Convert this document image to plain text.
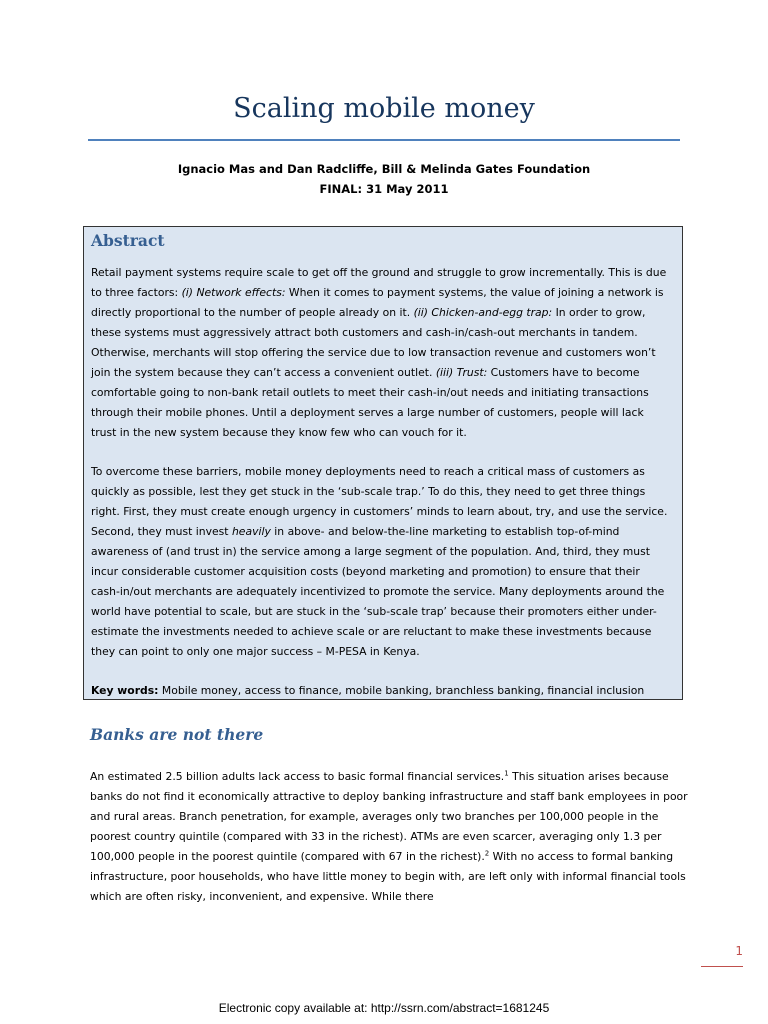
Scaling mobile money
Ignacio Mas and Dan Radcliffe, Bill & Melinda Gates Foundation
FINAL: 31 May 2011
Abstract

Retail payment systems require scale to get off the ground and struggle to grow incrementally. This is due to three factors: (i) Network effects: When it comes to payment systems, the value of joining a network is directly proportional to the number of people already on it. (ii) Chicken-and-egg trap: In order to grow, these systems must aggressively attract both customers and cash-in/cash-out merchants in tandem. Otherwise, merchants will stop offering the service due to low transaction revenue and customers won’t join the system because they can’t access a convenient outlet. (iii) Trust: Customers have to become comfortable going to non-bank retail outlets to meet their cash-in/out needs and initiating transactions through their mobile phones. Until a deployment serves a large number of customers, people will lack trust in the new system because they know few who can vouch for it.

To overcome these barriers, mobile money deployments need to reach a critical mass of customers as quickly as possible, lest they get stuck in the ‘sub-scale trap.’ To do this, they need to get three things right. First, they must create enough urgency in customers’ minds to learn about, try, and use the service. Second, they must invest heavily in above- and below-the-line marketing to establish top-of-mind awareness of (and trust in) the service among a large segment of the population. And, third, they must incur considerable customer acquisition costs (beyond marketing and promotion) to ensure that their cash-in/out merchants are adequately incentivized to promote the service. Many deployments around the world have potential to scale, but are stuck in the ‘sub-scale trap’ because their promoters either under-estimate the investments needed to achieve scale or are reluctant to make these investments because they can point to only one major success – M-PESA in Kenya.

Key words: Mobile money, access to finance, mobile banking, branchless banking, financial inclusion

Banks are not there

An estimated 2.5 billion adults lack access to basic formal financial services.$^1$ This situation arises because banks do not find it economically attractive to deploy banking infrastructure and staff bank employees in poor and rural areas. Branch penetration, for example, averages only two branches per 100,000 people in the poorest country quintile (compared with 33 in the richest). ATMs are even scarcer, averaging only 1.3 per 100,000 people in the poorest quintile (compared with 67 in the richest).$^2$ With no access to formal banking infrastructure, poor households, who have little money to begin with, are left only with informal financial tools which are often risky, inconvenient, and expensive. While there

1
Electronic copy available at: http://ssrn.com/abstract=1681245
